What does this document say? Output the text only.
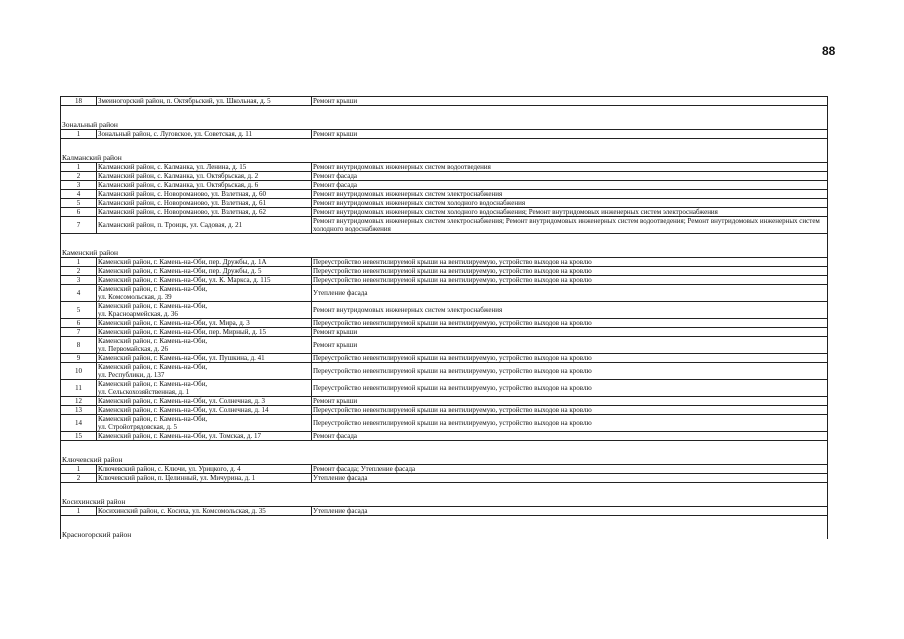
88
18	Змеиногорский район, п. Октябрьский, ул. Школьная, д. 5	Ремонт крыши
Зональный район
1	Зональный район, с. Луговское, ул. Советская, д. 11	Ремонт крыши
Калманский район
1	Калманский район, с. Калманка, ул. Ленина, д. 15	Ремонт внутридомовых инженерных систем водоотведения
2	Калманский район, с. Калманка, ул. Октябрьская, д. 2	Ремонт фасада
3	Калманский район, с. Калманка, ул. Октябрьская, д. 6	Ремонт фасада
4	Калманский район, с. Новороманово, ул. Взлетная, д. 60	Ремонт внутридомовых инженерных систем электроснабжения
5	Калманский район, с. Новороманово, ул. Взлетная, д. 61	Ремонт внутридомовых инженерных систем холодного водоснабжения
6	Калманский район, с. Новороманово, ул. Взлетная, д. 62	Ремонт внутридомовых инженерных систем холодного водоснабжения; Ремонт внутридомовых инженерных систем электроснабжения
7	Калманский район, п. Троицк, ул. Садовая, д. 21	Ремонт внутридомовых инженерных систем электроснабжения; Ремонт внутридомовых инженерных систем водоотведения; Ремонт внутридомовых инженерных систем холодного водоснабжения
Каменский район
1	Каменский район, г. Камень-на-Оби, пер. Дружбы, д. 1А	Переустройство невентилируемой крыши на вентилируемую, устройство выходов на кровлю
2	Каменский район, г. Камень-на-Оби, пер. Дружбы, д. 5	Переустройство невентилируемой крыши на вентилируемую, устройство выходов на кровлю
3	Каменский район, г. Камень-на-Оби, ул. К. Маркса, д. 115	Переустройство невентилируемой крыши на вентилируемую, устройство выходов на кровлю
4	Каменский район, г. Камень-на-Оби,
ул. Комсомольская, д. 39	Утепление фасада
5	Каменский район, г. Камень-на-Оби,
ул. Красноармейская, д. 36	Ремонт внутридомовых инженерных систем электроснабжения
6	Каменский район, г. Камень-на-Оби, ул. Мира, д. 3	Переустройство невентилируемой крыши на вентилируемую, устройство выходов на кровлю
7	Каменский район, г. Камень-на-Оби, пер. Мирный, д. 15	Ремонт крыши
8	Каменский район, г. Камень-на-Оби,
ул. Первомайская, д. 26	Ремонт крыши
9	Каменский район, г. Камень-на-Оби, ул. Пушкина, д. 41	Переустройство невентилируемой крыши на вентилируемую, устройство выходов на кровлю
10	Каменский район, г. Камень-на-Оби,
ул. Республики, д. 137	Переустройство невентилируемой крыши на вентилируемую, устройство выходов на кровлю
11	Каменский район, г. Камень-на-Оби,
ул. Сельскохозяйственная, д. 1	Переустройство невентилируемой крыши на вентилируемую, устройство выходов на кровлю
12	Каменский район, г. Камень-на-Оби, ул. Солнечная, д. 3	Ремонт крыши
13	Каменский район, г. Камень-на-Оби, ул. Солнечная, д. 14	Переустройство невентилируемой крыши на вентилируемую, устройство выходов на кровлю
14	Каменский район, г. Камень-на-Оби,
ул. Стройотрядовская, д. 5	Переустройство невентилируемой крыши на вентилируемую, устройство выходов на кровлю
15	Каменский район, г. Камень-на-Оби, ул. Томская, д. 17	Ремонт фасада
Ключевский район
1	Ключевский район, с. Ключи, ул. Урицкого, д. 4	Ремонт фасада; Утепление фасада
2	Ключевский район, п. Целинный, ул. Мичурина, д. 1	Утепление фасада
Косихинский район
1	Косихинский район, с. Косиха, ул. Комсомольская, д. 35	Утепление фасада
Красногорский район
